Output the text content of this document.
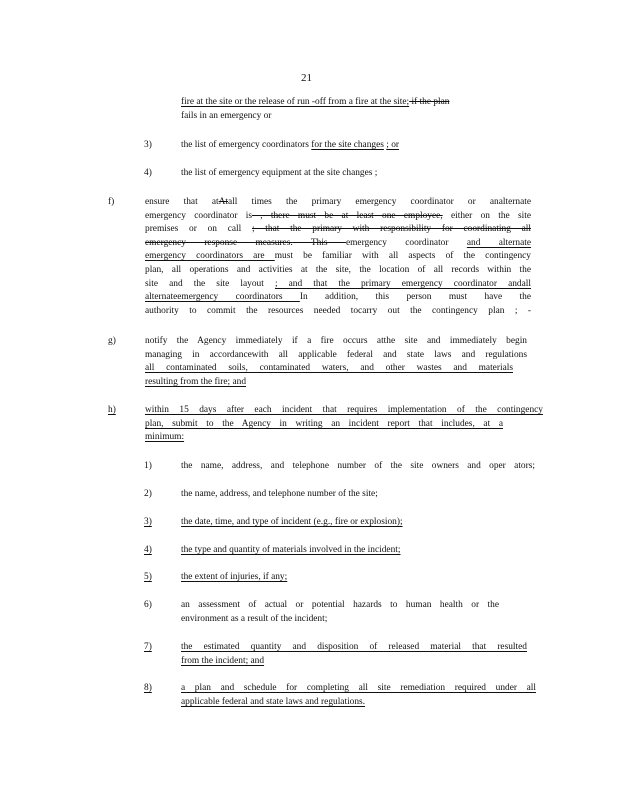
21
fire at the site or the release of run -off from a fire at the site; if the plan
fails in an emergency or
3)	the list of emergency coordinators for the site changes ; or
4)	the list of emergency equipment at the site changes ;
f)	ensure that atAtall times the primary emergency coordinator or analternate
emergency coordinator is , there must be at least one employee, either on the site
premises or on call ; that the primary with responsibility for coordinating all
emergency response measures. This emergency coordinator and alternate
emergency coordinators are must be familiar with all aspects of the contingency
plan, all operations and activities at the site, the location of all records within the
site and the site layout ; and that the primary emergency coordinator andall
alternateemergency coordinators In addition, this person must have the
authority to commit the resources needed tocarry out the contingency plan ; -
g)	notify the Agency immediately if a fire occurs atthe site and immediately begin
managing in accordancewith all applicable federal and state laws and regulations
all contaminated soils, contaminated waters, and other wastes and materials
resulting from the fire; and
h)	within 15 days after each incident that requires implementation of the contingency
plan, submit to the Agency in writing an incident report that includes, at a
minimum:
1)	the name, address, and telephone number of the site owners and oper ators;
2)	the name, address, and telephone number of the site;
3)	the date, time, and type of incident (e.g., fire or explosion);
4)	the type and quantity of materials involved in the incident;
5)	the extent of injuries, if any;
6)	an assessment of actual or potential hazards to human health or the
environment as a result of the incident;
7)	the estimated quantity and disposition of released material that resulted
from the incident; and
8)	a plan and schedule for completing all site remediation required under all
applicable federal and state laws and regulations.
